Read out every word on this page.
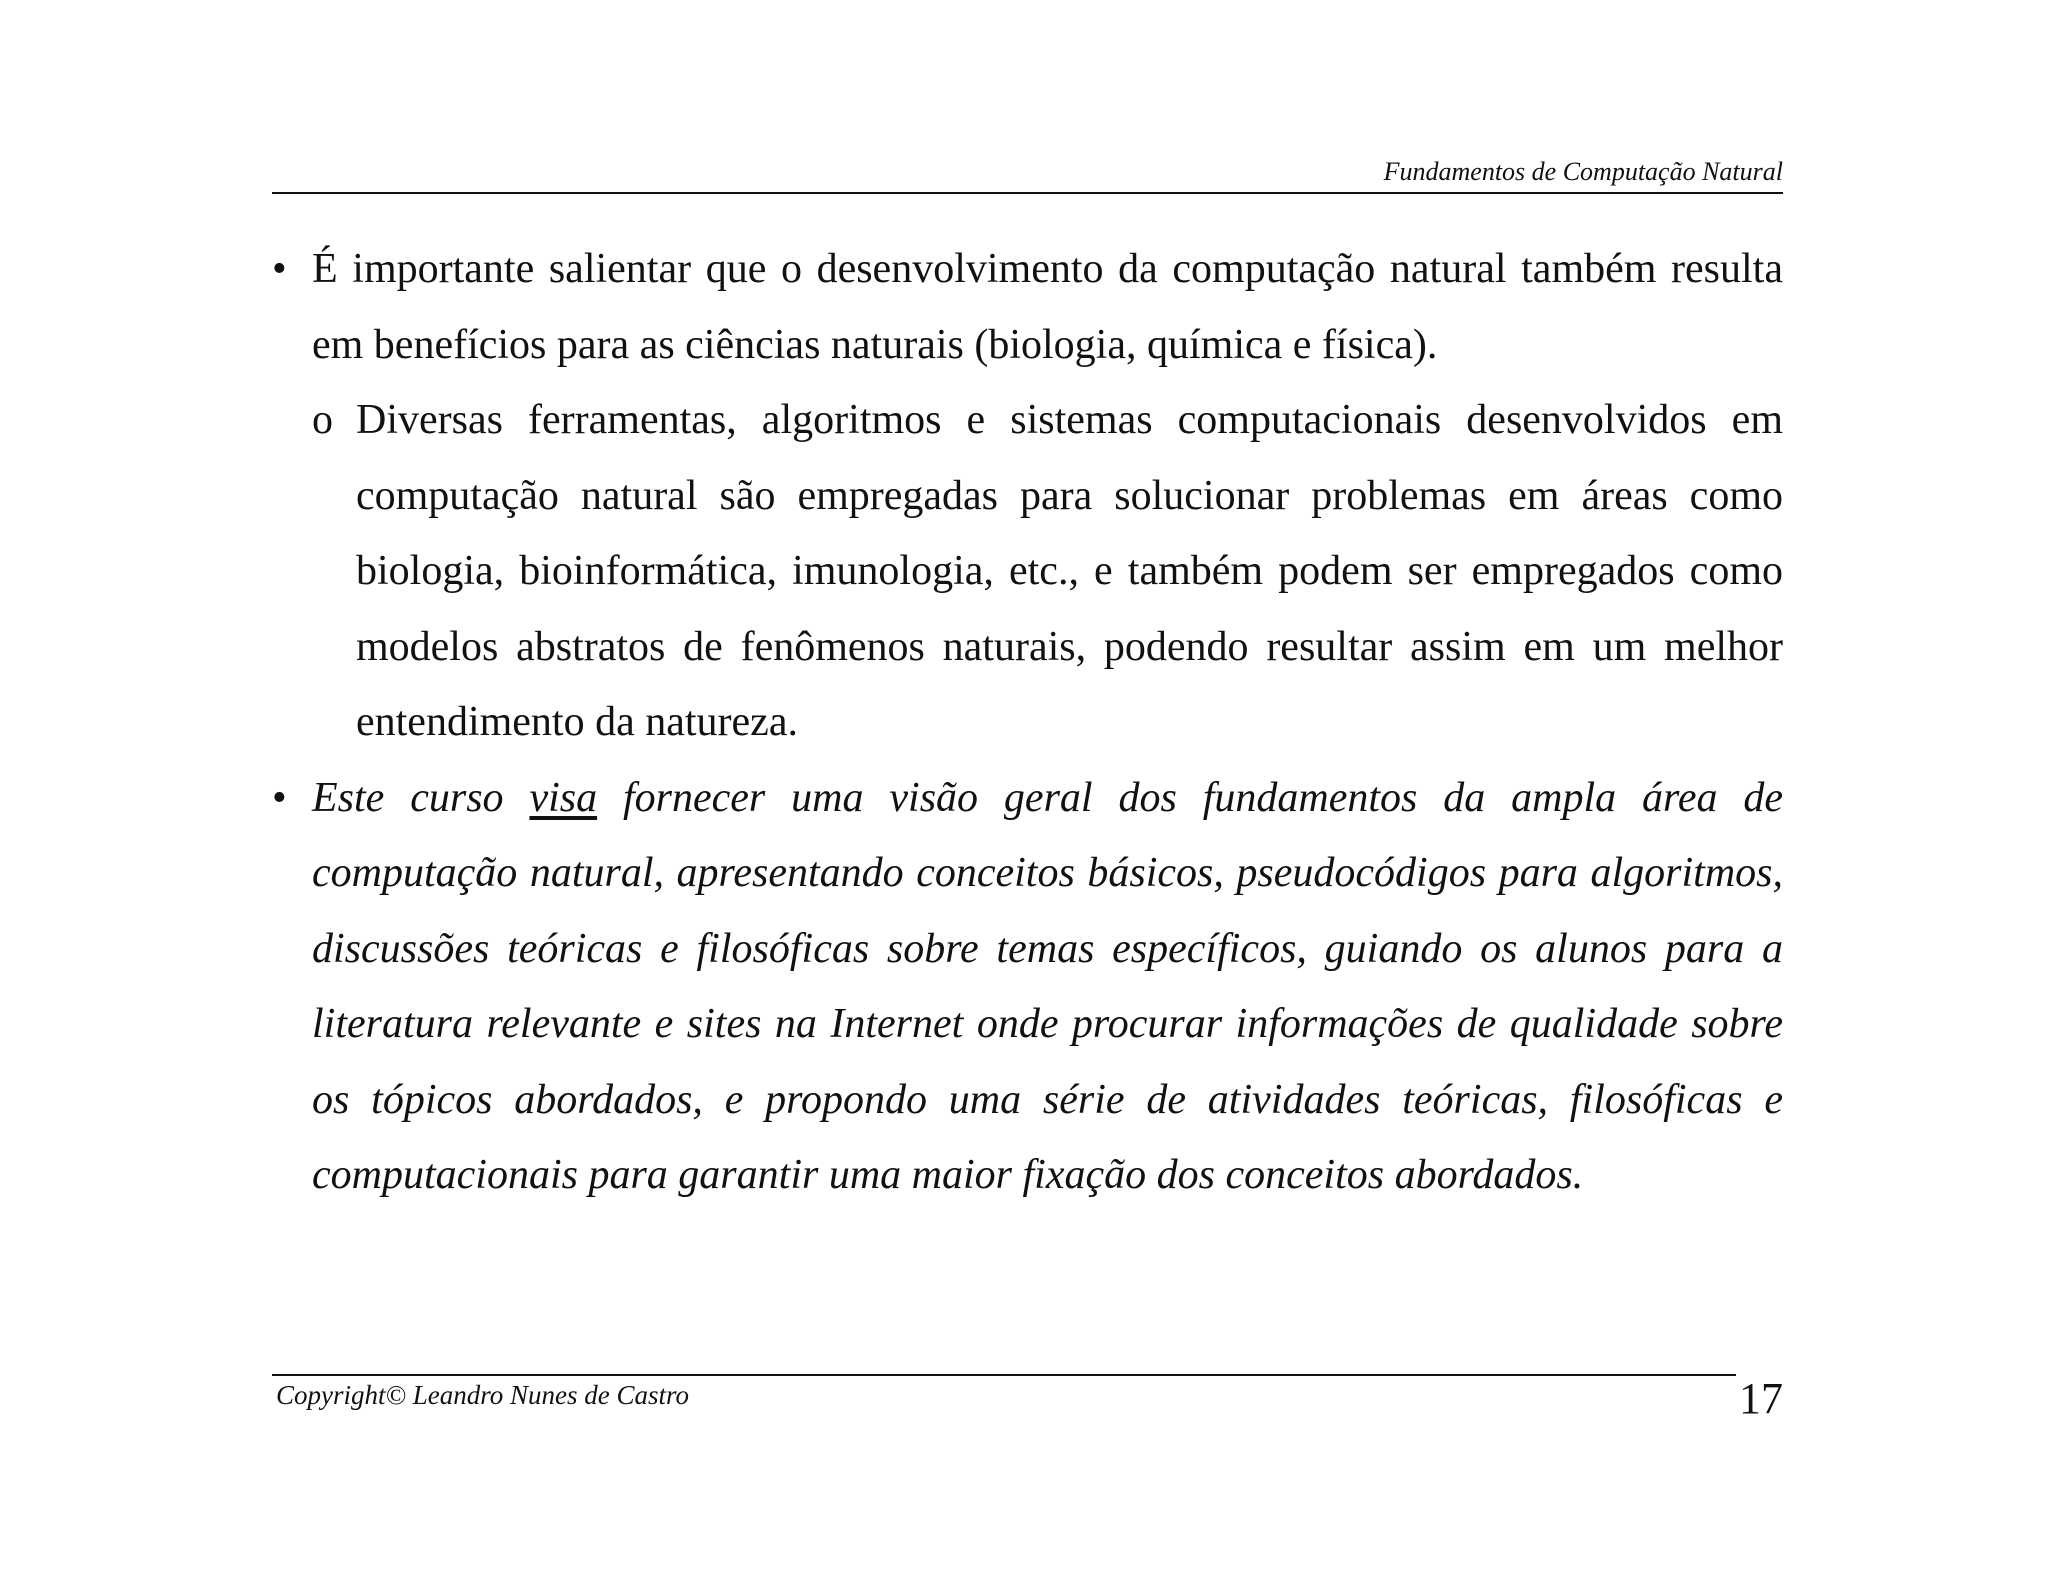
Fundamentos de Computação Natural

• É importante salientar que o desenvolvimento da computação natural também resulta em benefícios para as ciências naturais (biologia, química e física).

o Diversas ferramentas, algoritmos e sistemas computacionais desenvolvidos em computação natural são empregadas para solucionar problemas em áreas como biologia, bioinformática, imunologia, etc., e também podem ser empregados como modelos abstratos de fenômenos naturais, podendo resultar assim em um melhor entendimento da natureza.

• Este curso visa fornecer uma visão geral dos fundamentos da ampla área de computação natural, apresentando conceitos básicos, pseudocódigos para algoritmos, discussões teóricas e filosóficas sobre temas específicos, guiando os alunos para a literatura relevante e sites na Internet onde procurar informações de qualidade sobre os tópicos abordados, e propondo uma série de atividades teóricas, filosóficas e computacionais para garantir uma maior fixação dos conceitos abordados.

Copyright© Leandro Nunes de Castro	17
